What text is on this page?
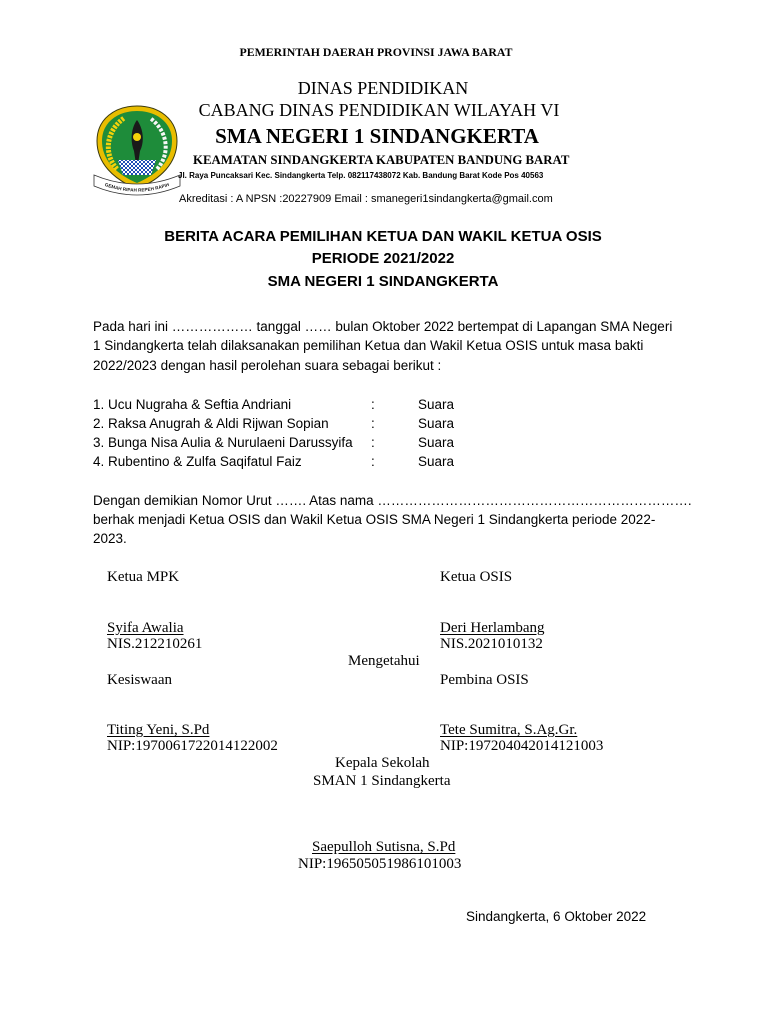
GEMAH RIPAH REPEH RAPIH

PEMERINTAH DAERAH PROVINSI JAWA BARAT

DINAS PENDIDIKAN

CABANG DINAS PENDIDIKAN WILAYAH VI

SMA NEGERI 1 SINDANGKERTA

KEAMATAN SINDANGKERTA KABUPATEN BANDUNG BARAT

Jl. Raya Puncaksari Kec. Sindangkerta Telp. 082117438072 Kab. Bandung Barat Kode Pos 40563

Akreditasi : A NPSN :20227909 Email : smanegeri1sindangkerta@gmail.com

BERITA ACARA PEMILIHAN KETUA DAN WAKIL KETUA OSIS

PERIODE 2021/2022

SMA NEGERI 1 SINDANGKERTA

Pada hari ini ……………… tanggal …… bulan Oktober 2022 bertempat di Lapangan SMA Negeri

1 Sindangkerta telah dilaksanakan pemilihan Ketua dan Wakil Ketua OSIS untuk masa bakti

2022/2023 dengan hasil perolehan suara sebagai berikut :

1. Ucu Nugraha & Seftia Andriani	:	Suara
2. Raksa Anugrah & Aldi Rijwan Sopian	:	Suara
3. Bunga Nisa Aulia & Nurulaeni Darussyifa :	Suara
4. Rubentino & Zulfa Saqifatul Faiz	:	Suara

Dengan demikian Nomor Urut ……. Atas nama …………………………………………………………….

berhak menjadi Ketua OSIS dan Wakil Ketua OSIS SMA Negeri 1 Sindangkerta periode 2022-

2023.

Ketua MPK
Syifa Awalia
NIS.212210261
Ketua OSIS
Deri Herlambang
NIS.2021010132
Mengetahui
Kesiswaan
Titing Yeni, S.Pd
NIP:1970061722014122002
Pembina OSIS
Tete Sumitra, S.Ag.Gr.
NIP:197204042014121003
Kepala Sekolah
SMAN 1 Sindangkerta
Saepulloh Sutisna, S.Pd
NIP:196505051986101003

Sindangkerta, 6 Oktober 2022
